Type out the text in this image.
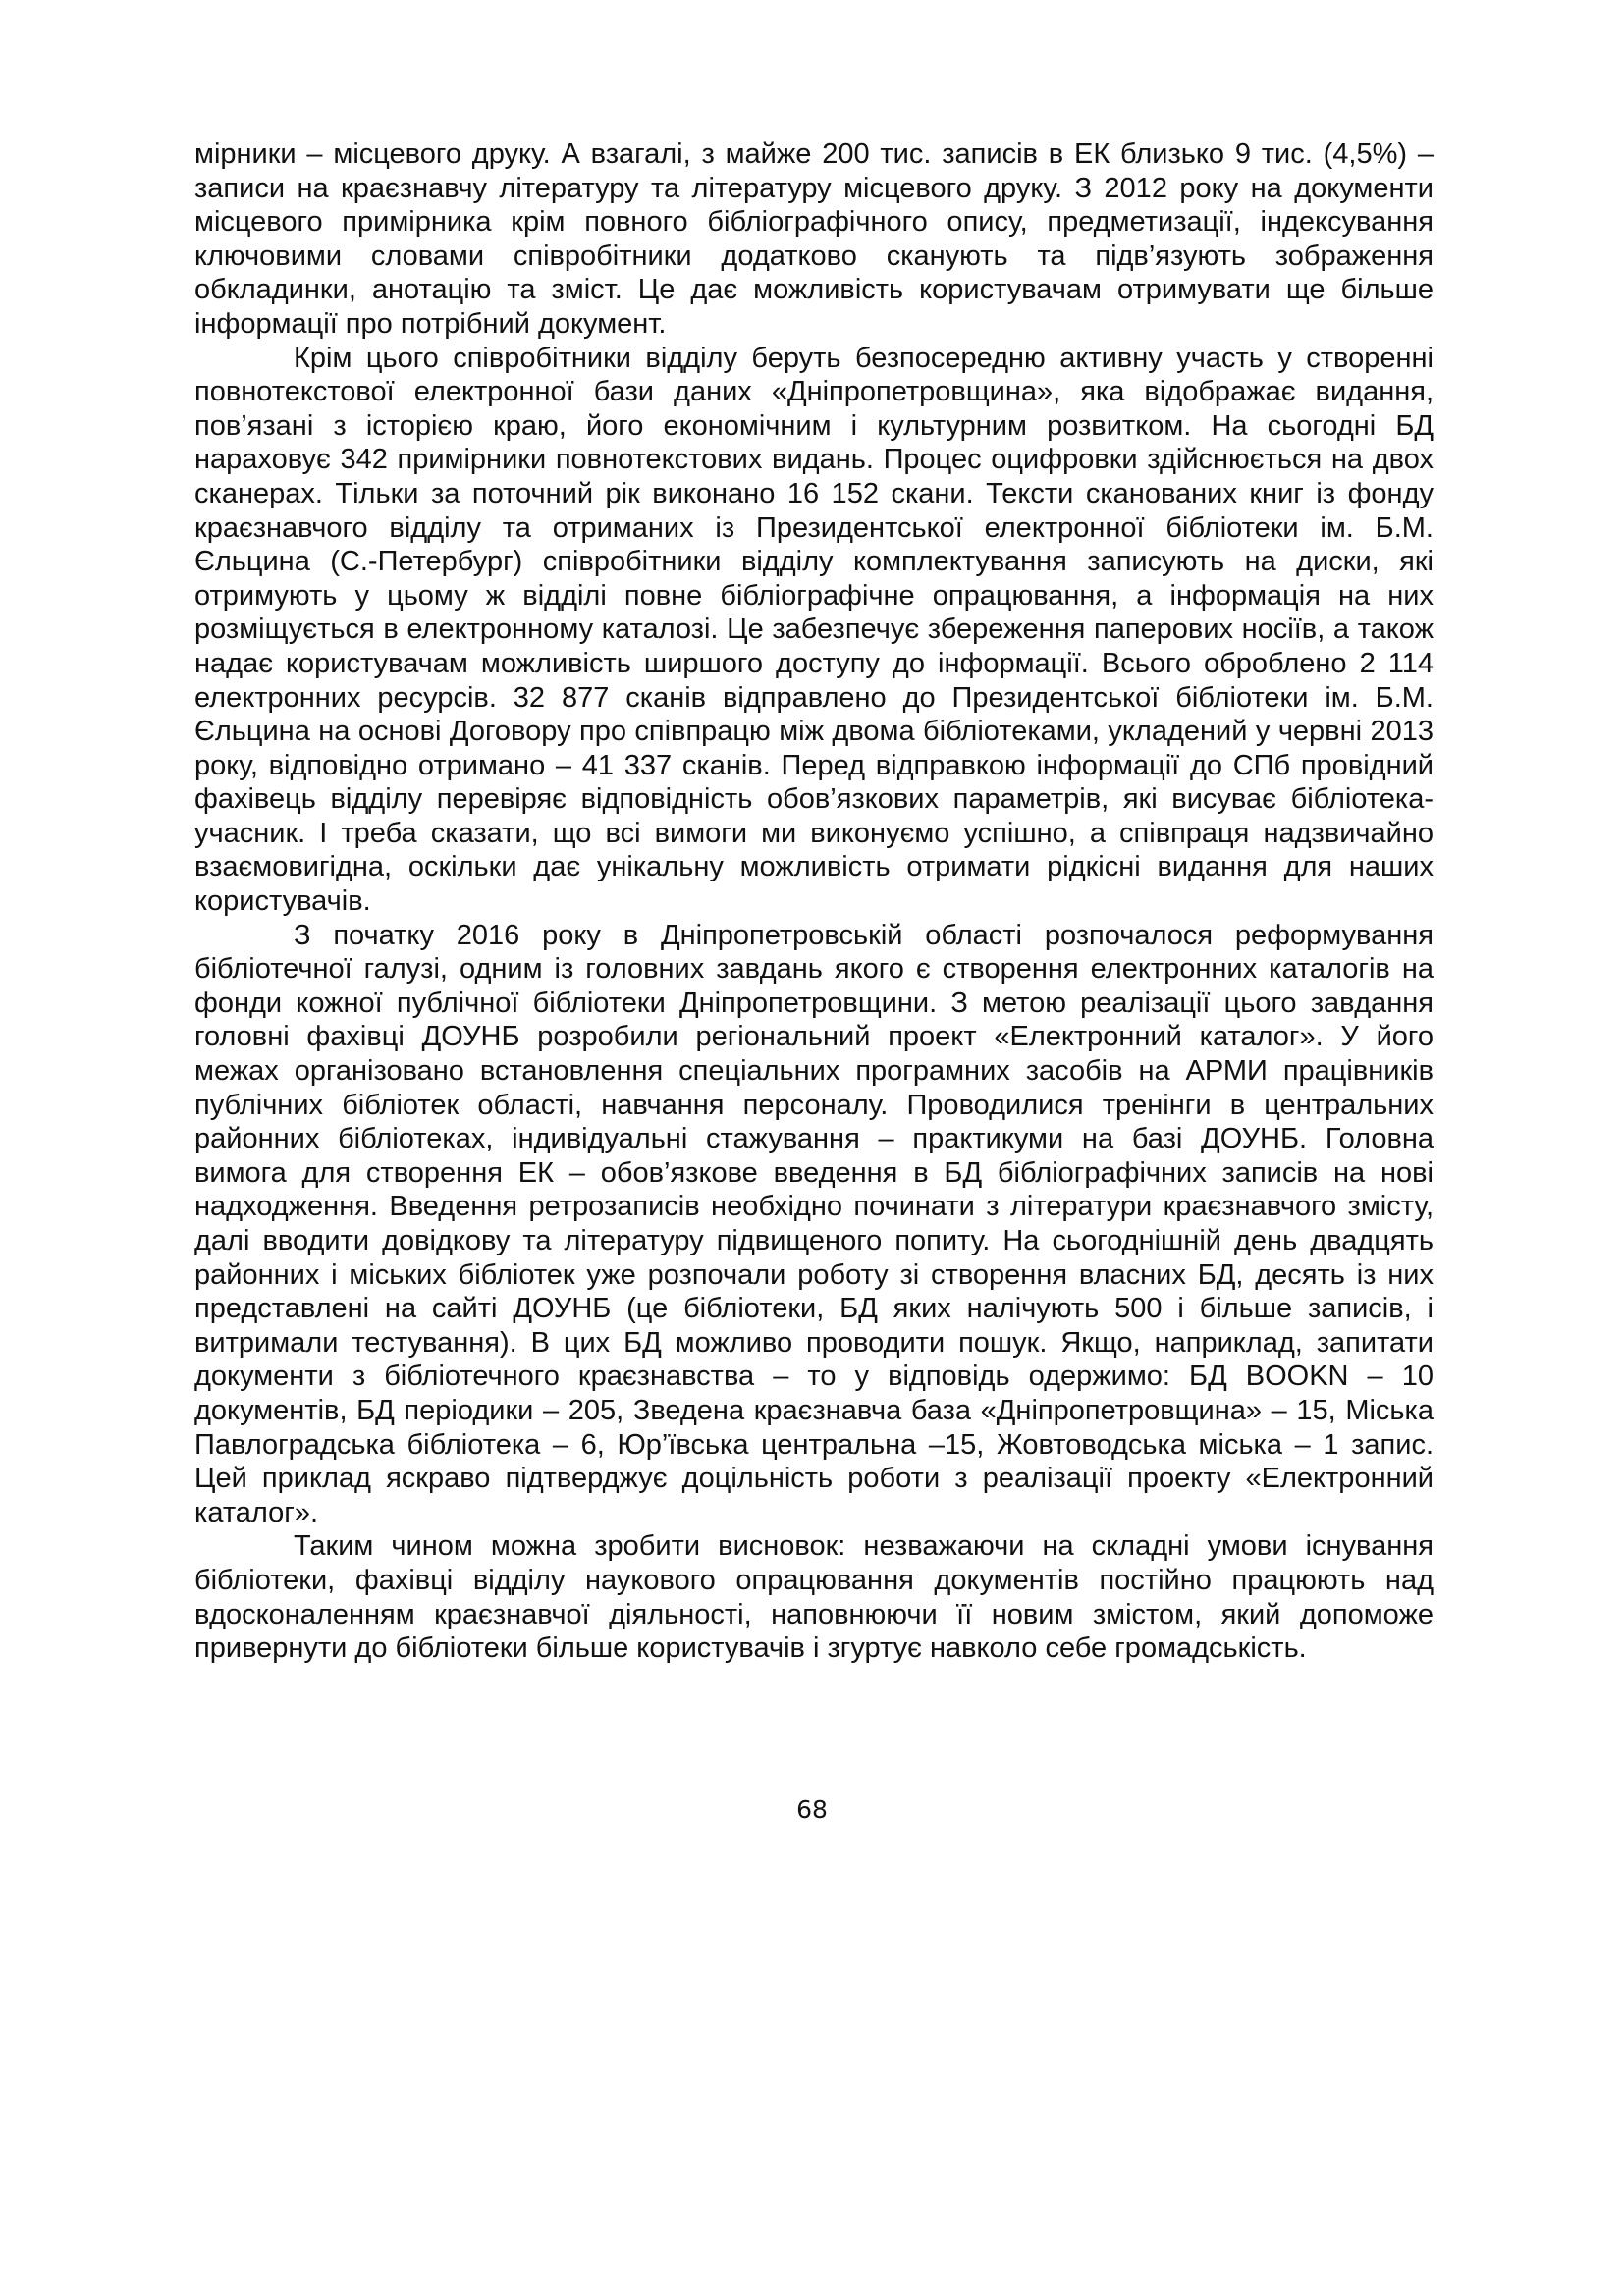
мірники – місцевого друку. А взагалі, з майже 200 тис. записів в ЕК близько 9 тис. (4,5%) – записи на краєзнавчу літературу та літературу місцевого друку. З 2012 року на документи місцевого примірника крім повного бібліографічного опису, предметизації, індексування ключовими словами співробітники додатково сканують та підв’язують зображення обкладинки, анотацію та зміст. Це дає можливість користувачам отримувати ще більше інформації про потрібний документ.

Крім цього співробітники відділу беруть безпосередню активну участь у створенні повнотекстової електронної бази даних «Дніпропетровщина», яка відображає видання, пов’язані з історією краю, його економічним і культурним розвитком. На сьогодні БД нараховує 342 примірники повнотекстових видань. Процес оцифровки здійснюється на двох сканерах. Тільки за поточний рік виконано 16 152 скани. Тексти сканованих книг із фонду краєзнавчого відділу та отриманих із Президентської електронної бібліотеки ім. Б.М. Єльцина (С.-Петербург) співробітники відділу комплектування записують на диски, які отримують у цьому ж відділі повне бібліографічне опрацювання, а інформація на них розміщується в електронному каталозі. Це забезпечує збереження паперових носіїв, а також надає користувачам можливість ширшого доступу до інформації. Всього оброблено 2 114 електронних ресурсів. 32 877 сканів відправлено до Президентської бібліотеки ім. Б.М. Єльцина на основі Договору про співпрацю між двома бібліотеками, укладений у червні 2013 року, відповідно отримано – 41 337 сканів. Перед відправкою інформації до СПб провідний фахівець відділу перевіряє відповідність обов’язкових параметрів, які висуває бібліотека-учасник. І треба сказати, що всі вимоги ми виконуємо успішно, а співпраця надзвичайно взаємовигідна, оскільки дає унікальну можливість отримати рідкісні видання для наших користувачів.

З початку 2016 року в Дніпропетровській області розпочалося реформування бібліотечної галузі, одним із головних завдань якого є створення електронних каталогів на фонди кожної публічної бібліотеки Дніпропетровщини. З метою реалізації цього завдання головні фахівці ДОУНБ розробили регіональний проект «Електронний каталог». У його межах організовано встановлення спеціальних програмних засобів на АРМИ працівників публічних бібліотек області, навчання персоналу. Проводилися тренінги в центральних районних бібліотеках, індивідуальні стажування – практикуми на базі ДОУНБ. Головна вимога для створення ЕК – обов’язкове введення в БД бібліографічних записів на нові надходження. Введення ретрозаписів необхідно починати з літератури краєзнавчого змісту, далі вводити довідкову та літературу підвищеного попиту. На сьогоднішній день двадцять районних і міських бібліотек уже розпочали роботу зі створення власних БД, десять із них представлені на сайті ДОУНБ (це бібліотеки, БД яких налічують 500 і більше записів, і витримали тестування). В цих БД можливо проводити пошук. Якщо, наприклад, запитати документи з бібліотечного краєзнавства – то у відповідь одержимо: БД BOOKN – 10 документів, БД періодики – 205, Зведена краєзнавча база «Дніпропетровщина» – 15, Міська Павлоградська бібліотека – 6, Юр’ївська центральна –15, Жовтоводська міська – 1 запис. Цей приклад яскраво підтверджує доцільність роботи з реалізації проекту «Електронний каталог».

Таким чином можна зробити висновок: незважаючи на складні умови існування бібліотеки, фахівці відділу наукового опрацювання документів постійно працюють над вдосконаленням краєзнавчої діяльності, наповнюючи її новим змістом, який допоможе привернути до бібліотеки більше користувачів і згуртує навколо себе громадськість.

68
